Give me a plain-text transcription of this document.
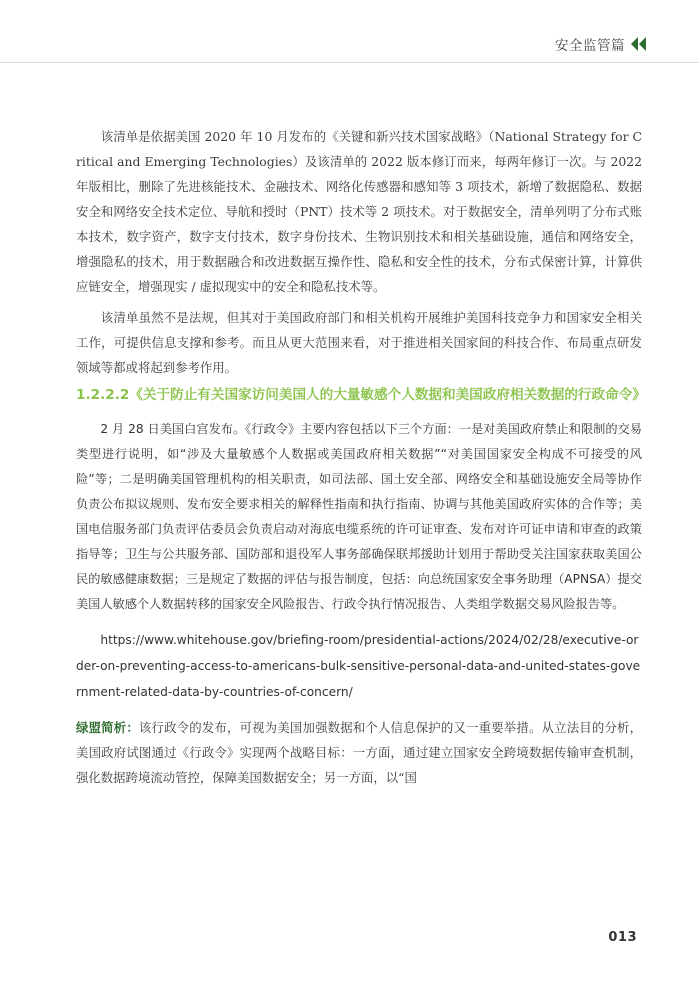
安全监管篇

该清单是依据美国 2020 年 10 月发布的《关键和新兴技术国家战略》（National Strategy for Critical and Emerging Technologies）及该清单的 2022 版本修订而来，每两年修订一次。与 2022 年版相比，删除了先进核能技术、金融技术、网络化传感器和感知等 3 项技术，新增了数据隐私、数据安全和网络安全技术定位、导航和授时（PNT）技术等 2 项技术。对于数据安全，清单列明了分布式账本技术，数字资产，数字支付技术，数字身份技术、生物识别技术和相关基础设施，通信和网络安全，增强隐私的技术，用于数据融合和改进数据互操作性、隐私和安全性的技术，分布式保密计算，计算供应链安全，增强现实 / 虚拟现实中的安全和隐私技术等。

该清单虽然不是法规，但其对于美国政府部门和相关机构开展维护美国科技竞争力和国家安全相关工作，可提供信息支撑和参考。而且从更大范围来看，对于推进相关国家间的科技合作、布局重点研发领域等都或将起到参考作用。

1.2.2.2《关于防止有关国家访问美国人的大量敏感个人数据和美国政府相关数据的行政命令》

2 月 28 日美国白宫发布。《行政令》主要内容包括以下三个方面：一是对美国政府禁止和限制的交易类型进行说明，如“涉及大量敏感个人数据或美国政府相关数据”“对美国国家安全构成不可接受的风险”等；二是明确美国管理机构的相关职责，如司法部、国土安全部、网络安全和基础设施安全局等协作负责公布拟议规则、发布安全要求相关的解释性指南和执行指南、协调与其他美国政府实体的合作等；美国电信服务部门负责评估委员会负责启动对海底电缆系统的许可证审查、发布对许可证申请和审查的政策指导等；卫生与公共服务部、国防部和退役军人事务部确保联邦援助计划用于帮助受关注国家获取美国公民的敏感健康数据；三是规定了数据的评估与报告制度，包括：向总统国家安全事务助理（APNSA）提交美国人敏感个人数据转移的国家安全风险报告、行政令执行情况报告、人类组学数据交易风险报告等。

https://www.whitehouse.gov/briefing-room/presidential-actions/2024/02/28/executive-order-on-preventing-access-to-americans-bulk-sensitive-personal-data-and-united-states-government-related-data-by-countries-of-concern/

绿盟简析：该行政令的发布，可视为美国加强数据和个人信息保护的又一重要举措。从立法目的分析，美国政府试图通过《行政令》实现两个战略目标：一方面，通过建立国家安全跨境数据传输审查机制，强化数据跨境流动管控，保障美国数据安全；另一方面，以“国

013
